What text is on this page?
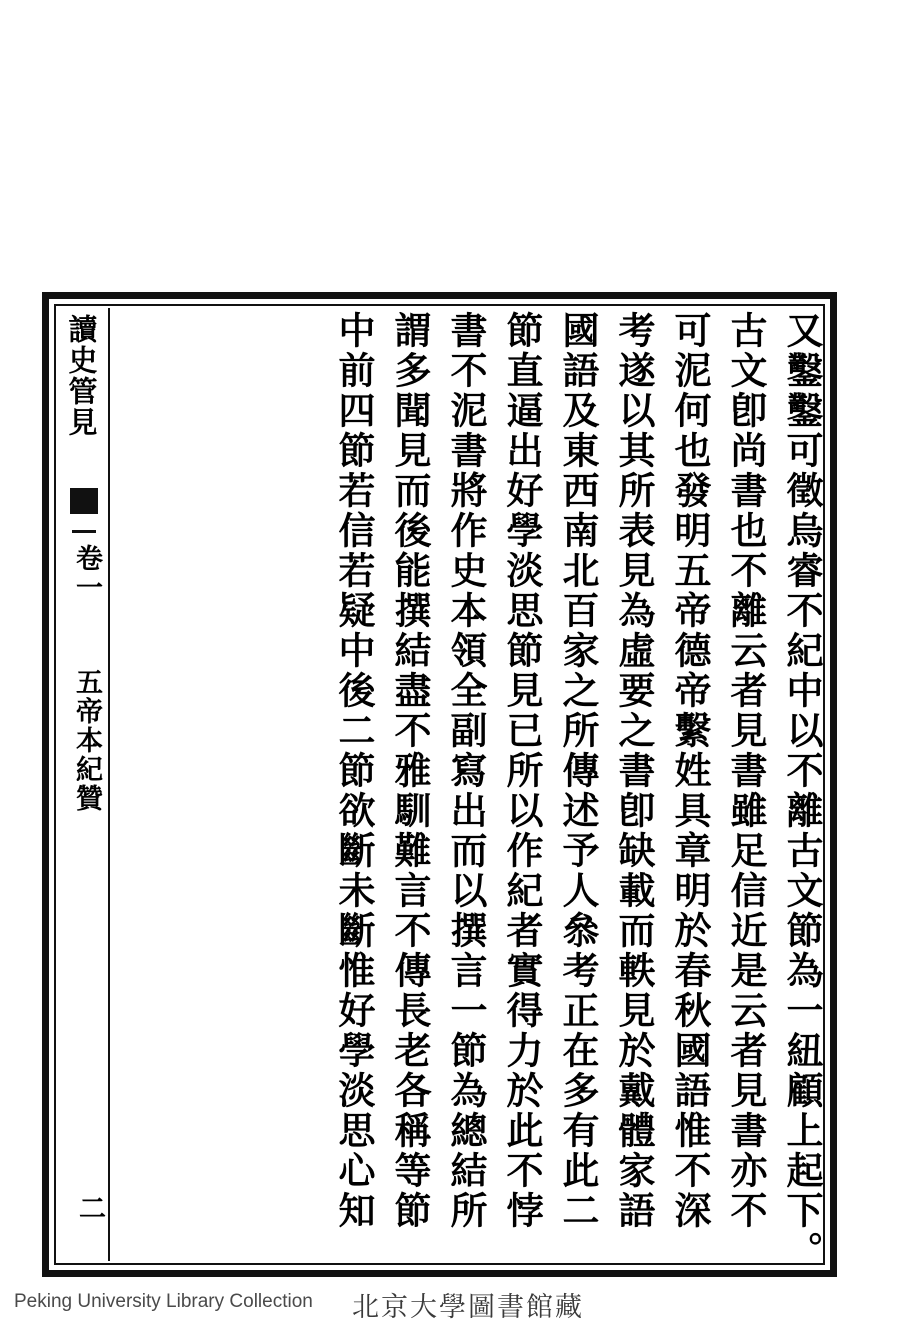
讀史管見
卷一
五帝本紀贊
二	又鑿鑿可徵烏睿不紀中以不離古文節為一紐顧上起下。
古文卽尚書也不離云者見書雖足信近是云者見書亦不
可泥何也發明五帝德帝繫姓具章明於春秋國語惟不深
考遂以其所表見為虛要之書卽缺載而軼見於戴體家語
國語及東西南北百家之所傳述予人叅考正在多有此二
節直逼出好學淡思節見已所以作紀者實得力於此不悖
書不泥書將作史本領全副寫出而以撰言一節為總結所
謂多聞見而後能撰結盡不雅馴難言不傳長老各稱等節
中前四節若信若疑中後二節欲斷未斷惟好學淡思心知
Peking University Library Collection 北京大學圖書館藏
